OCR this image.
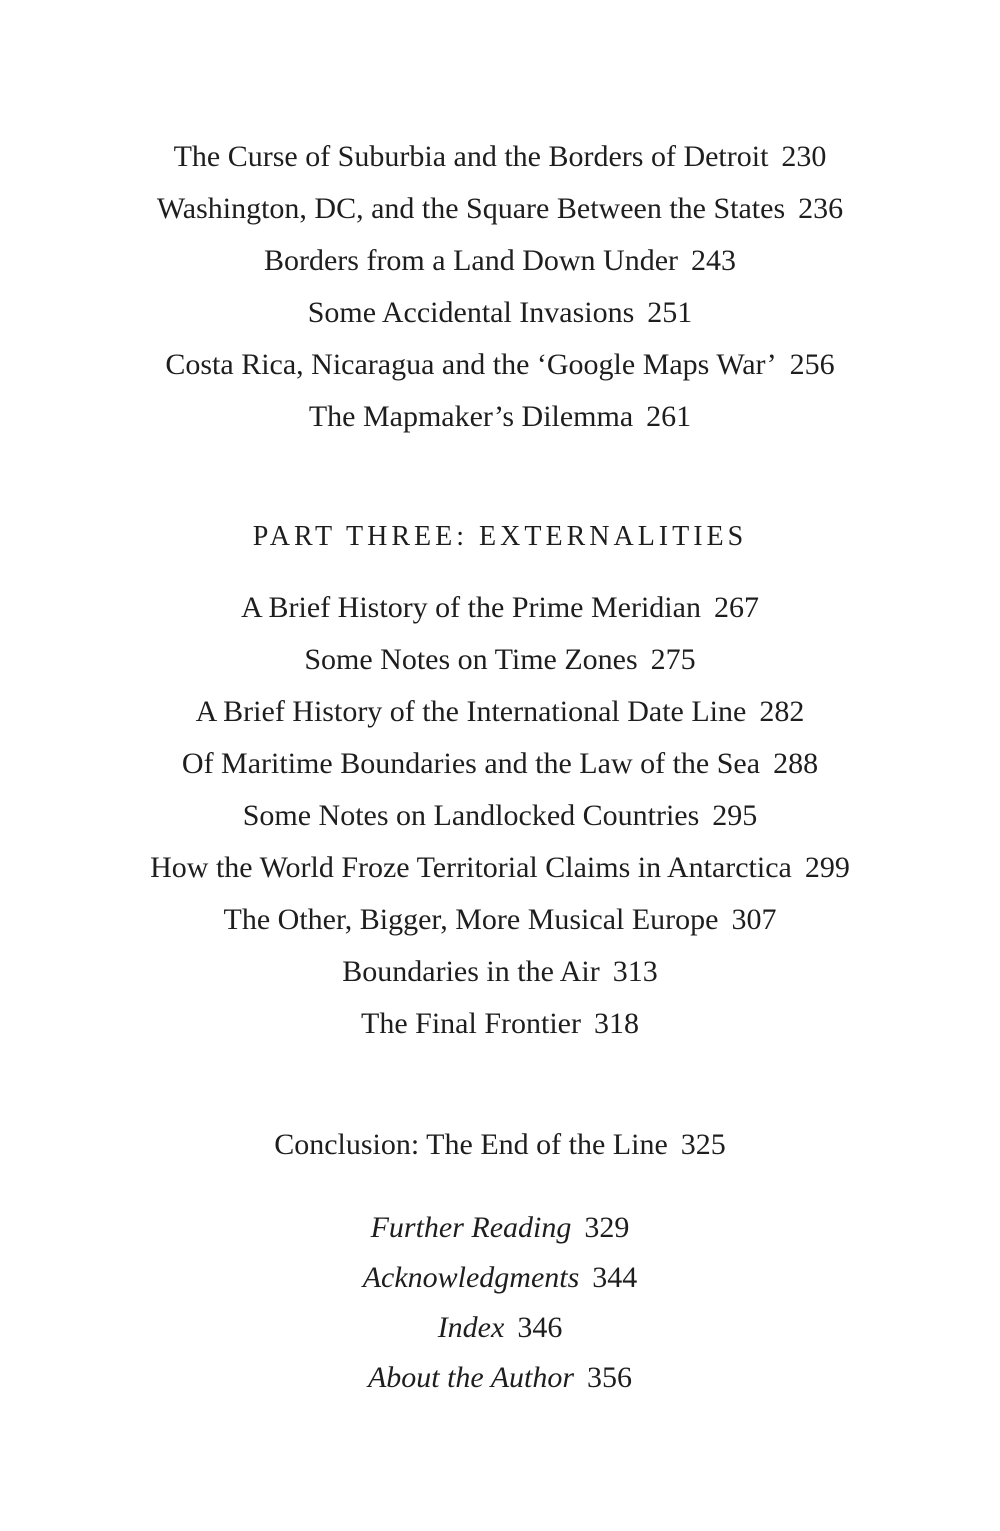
The Curse of Suburbia and the Borders of Detroit 230
Washington, DC, and the Square Between the States 236
Borders from a Land Down Under 243
Some Accidental Invasions 251
Costa Rica, Nicaragua and the ‘Google Maps War’ 256
The Mapmaker’s Dilemma 261
PART THREE: EXTERNALITIES
A Brief History of the Prime Meridian 267
Some Notes on Time Zones 275
A Brief History of the International Date Line 282
Of Maritime Boundaries and the Law of the Sea 288
Some Notes on Landlocked Countries 295
How the World Froze Territorial Claims in Antarctica 299
The Other, Bigger, More Musical Europe 307
Boundaries in the Air 313
The Final Frontier 318
Conclusion: The End of the Line 325
Further Reading 329
Acknowledgments 344
Index 346
About the Author 356
